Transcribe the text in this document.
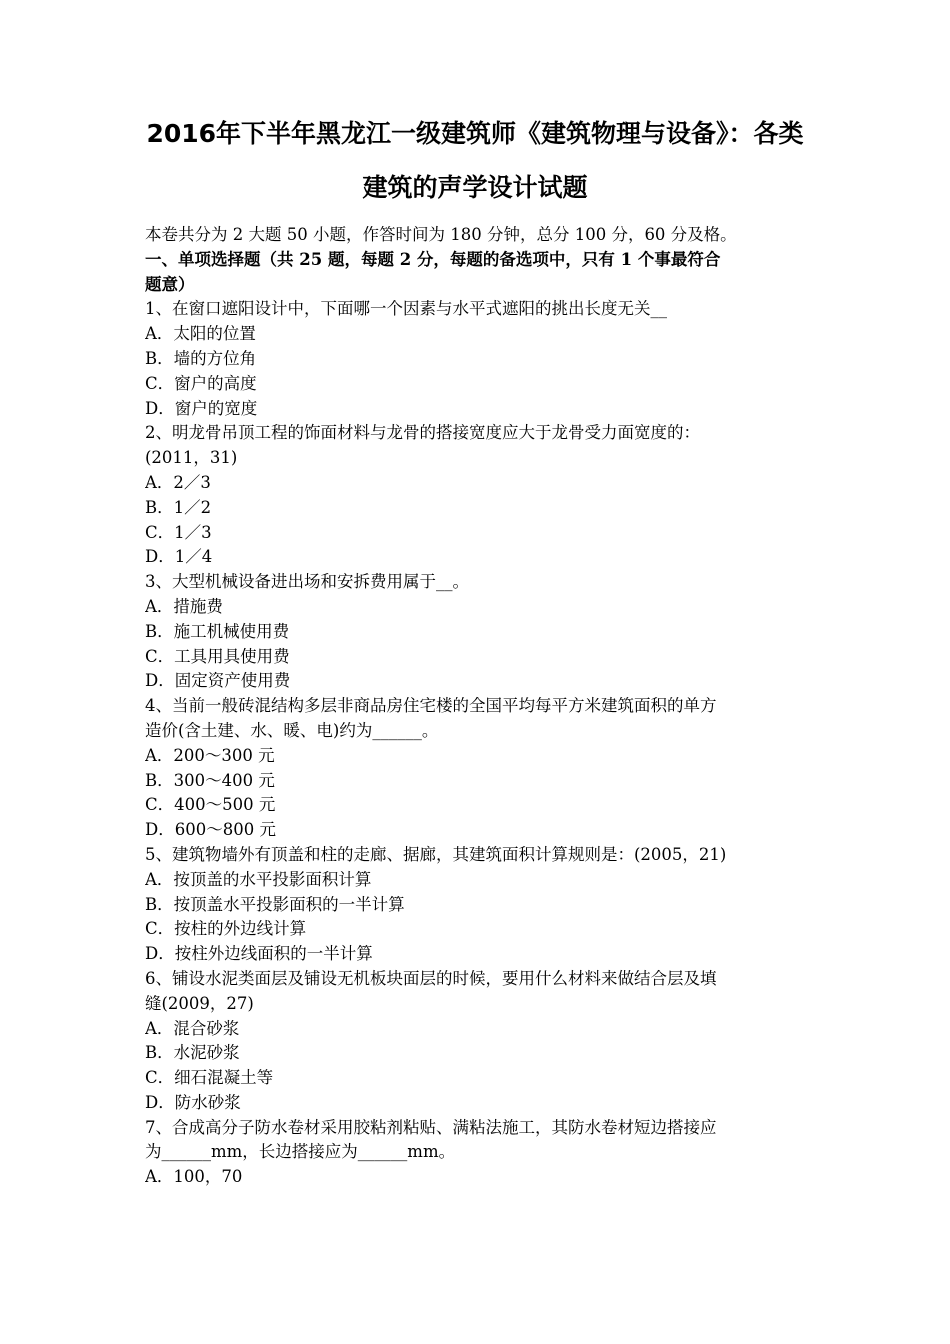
2016年下半年黑龙江一级建筑师《建筑物理与设备》：各类
建筑的声学设计试题
本卷共分为 2 大题 50 小题，作答时间为 180 分钟，总分 100 分，60 分及格。
一、单项选择题（共 25 题，每题 2 分，每题的备选项中，只有 1 个事最符合
题意）
1、在窗口遮阳设计中，下面哪一个因素与水平式遮阳的挑出长度无关__
A．太阳的位置
B．墙的方位角
C．窗户的高度
D．窗户的宽度
2、明龙骨吊顶工程的饰面材料与龙骨的搭接宽度应大于龙骨受力面宽度的：
(2011，31)
A．2／3
B．1／2
C．1／3
D．1／4
3、大型机械设备进出场和安拆费用属于__。
A．措施费
B．施工机械使用费
C．工具用具使用费
D．固定资产使用费
4、当前一般砖混结构多层非商品房住宅楼的全国平均每平方米建筑面积的单方
造价(含土建、水、暖、电)约为______。
A．200～300 元
B．300～400 元
C．400～500 元
D．600～800 元
5、建筑物墙外有顶盖和柱的走廊、据廊，其建筑面积计算规则是：(2005，21)
A．按顶盖的水平投影面积计算
B．按顶盖水平投影面积的一半计算
C．按柱的外边线计算
D．按柱外边线面积的一半计算
6、铺设水泥类面层及铺设无机板块面层的时候，要用什么材料来做结合层及填
缝(2009，27)
A．混合砂浆
B．水泥砂浆
C．细石混凝土等
D．防水砂浆
7、合成高分子防水卷材采用胶粘剂粘贴、满粘法施工，其防水卷材短边搭接应
为______mm，长边搭接应为______mm。
A．100，70
